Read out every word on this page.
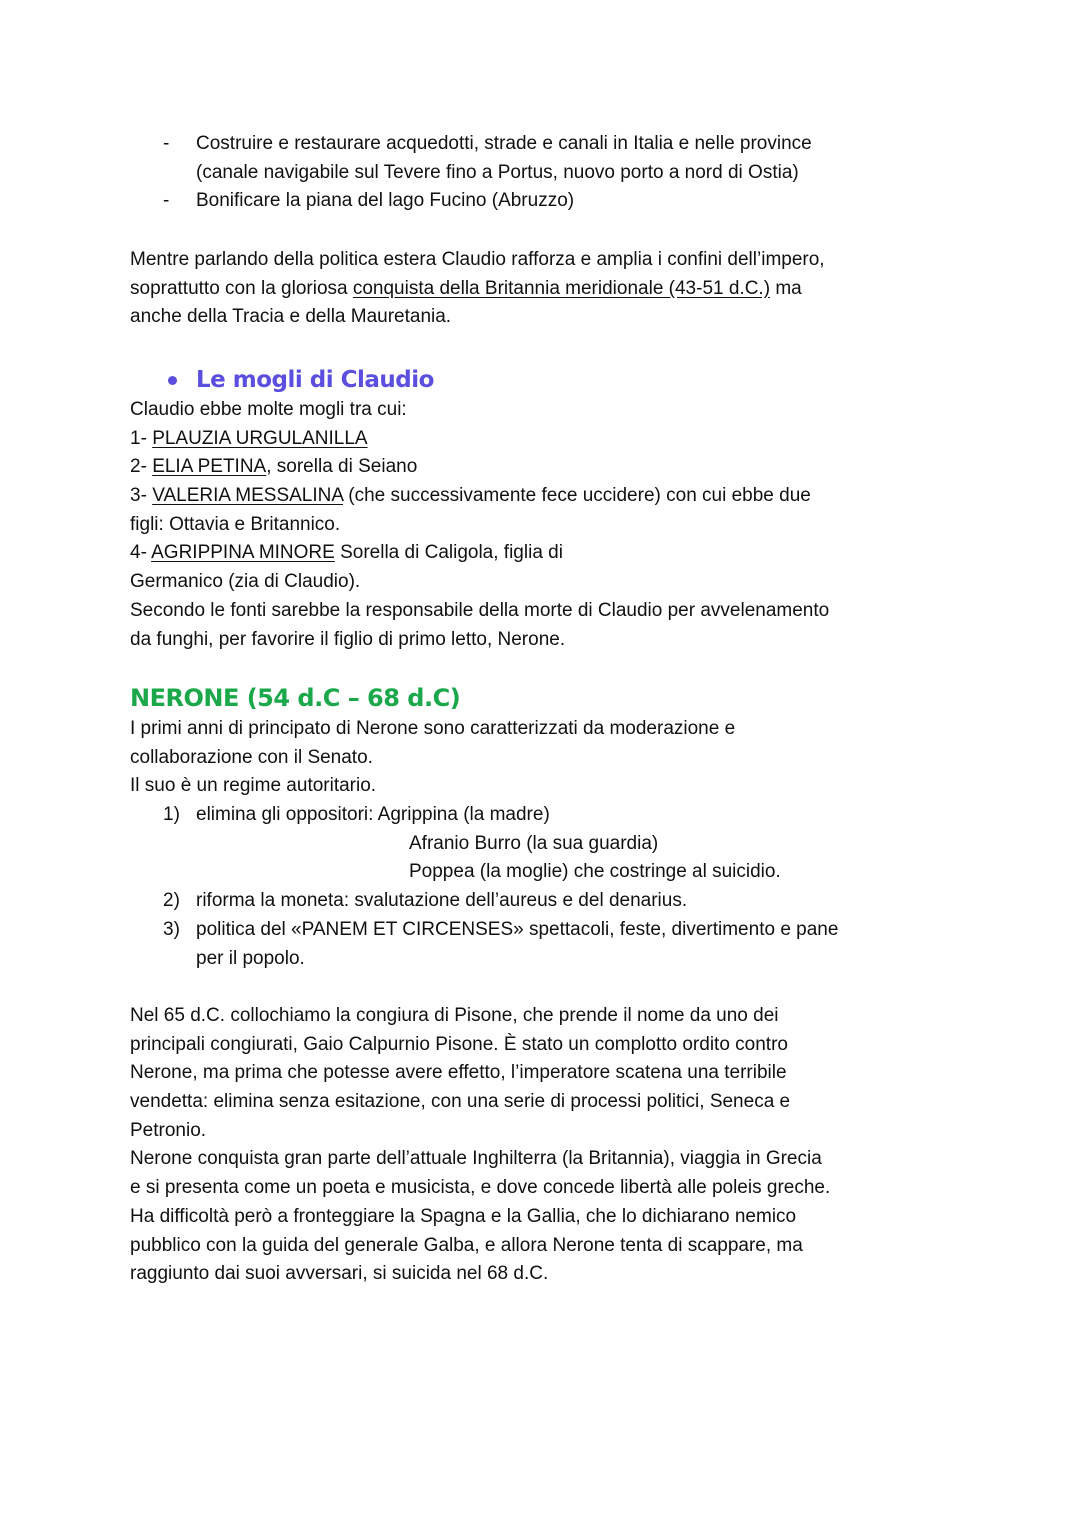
- Costruire e restaurare acquedotti, strade e canali in Italia e nelle province
(canale navigabile sul Tevere fino a Portus, nuovo porto a nord di Ostia)
- Bonificare la piana del lago Fucino (Abruzzo)
Mentre parlando della politica estera Claudio rafforza e amplia i confini dell’impero,
soprattutto con la gloriosa conquista della Britannia meridionale (43-51 d.C.) ma
anche della Tracia e della Mauretania.
Le mogli di Claudio
Claudio ebbe molte mogli tra cui:
1- PLAUZIA URGULANILLA
2- ELIA PETINA, sorella di Seiano
3- VALERIA MESSALINA (che successivamente fece uccidere) con cui ebbe due
figli: Ottavia e Britannico.
4- AGRIPPINA MINORE Sorella di Caligola, figlia di
Germanico (zia di Claudio).
Secondo le fonti sarebbe la responsabile della morte di Claudio per avvelenamento
da funghi, per favorire il figlio di primo letto, Nerone.
NERONE (54 d.C – 68 d.C)
I primi anni di principato di Nerone sono caratterizzati da moderazione e
collaborazione con il Senato.
Il suo è un regime autoritario.
1) elimina gli oppositori: Agrippina (la madre)
Afranio Burro (la sua guardia)
Poppea (la moglie) che costringe al suicidio.
2) riforma la moneta: svalutazione dell’aureus e del denarius.
3) politica del «PANEM ET CIRCENSES» spettacoli, feste, divertimento e pane
per il popolo.
Nel 65 d.C. collochiamo la congiura di Pisone, che prende il nome da uno dei
principali congiurati, Gaio Calpurnio Pisone. È stato un complotto ordito contro
Nerone, ma prima che potesse avere effetto, l’imperatore scatena una terribile
vendetta: elimina senza esitazione, con una serie di processi politici, Seneca e
Petronio.
Nerone conquista gran parte dell’attuale Inghilterra (la Britannia), viaggia in Grecia
e si presenta come un poeta e musicista, e dove concede libertà alle poleis greche.
Ha difficoltà però a fronteggiare la Spagna e la Gallia, che lo dichiarano nemico
pubblico con la guida del generale Galba, e allora Nerone tenta di scappare, ma
raggiunto dai suoi avversari, si suicida nel 68 d.C.
